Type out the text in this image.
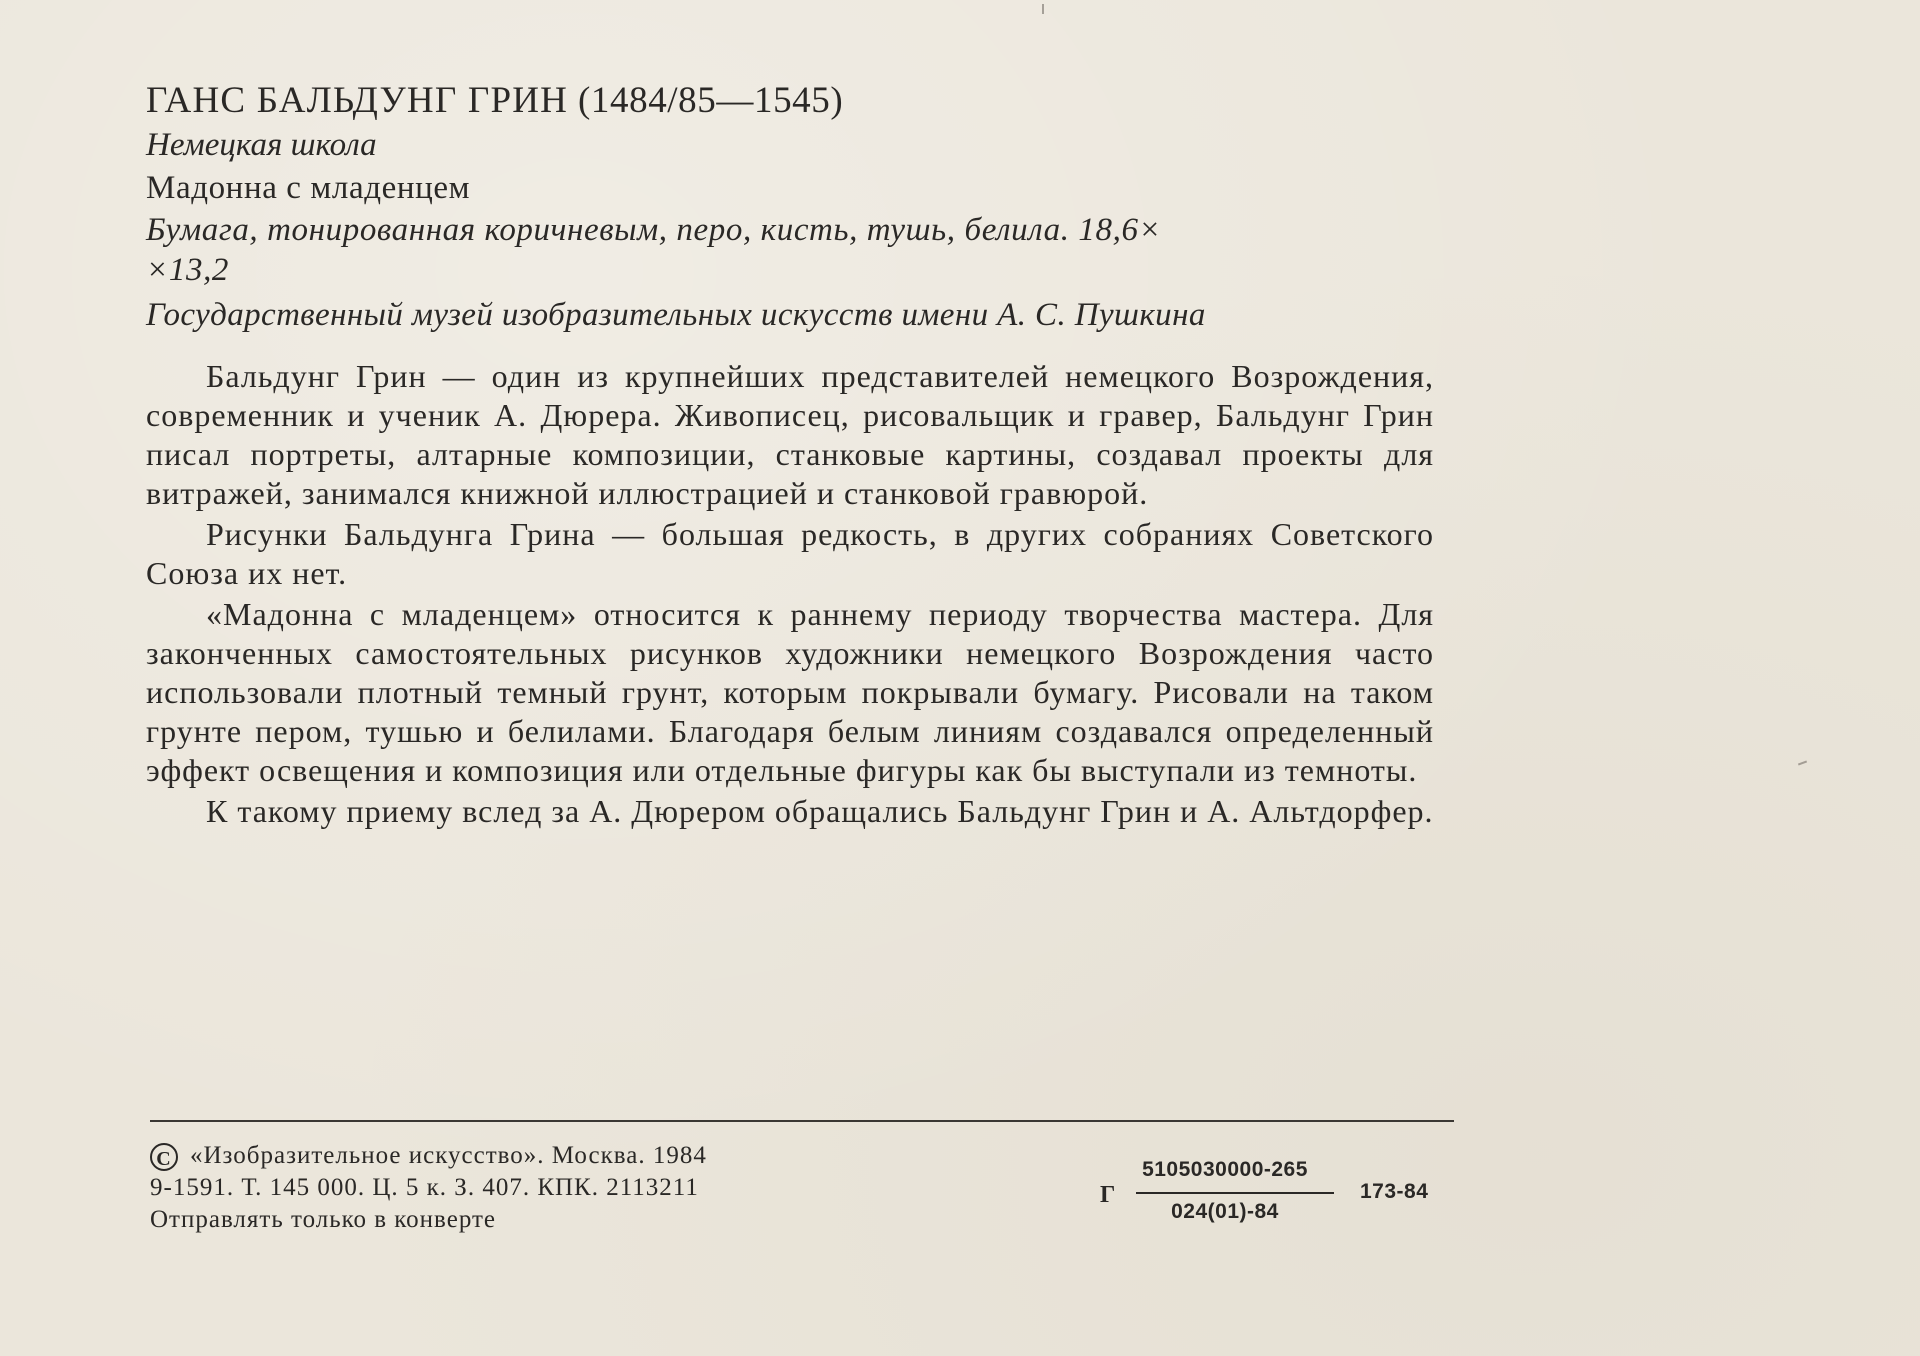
ГАНС БАЛЬДУНГ ГРИН (1484/85—1545)
Немецкая школа
Мадонна с младенцем
Бумага, тонированная коричневым, перо, кисть, тушь, белила. 18,6×
×13,2
Государственный музей изобразительных искусств имени А. С. Пушкина

Бальдунг Грин — один из крупнейших представителей немецкого Возрождения, современник и ученик А. Дюрера. Живописец, рисовальщик и гравер, Бальдунг Грин писал портреты, алтарные композиции, станковые картины, создавал проекты для витражей, занимался книжной иллюстрацией и станковой гравюрой.

Рисунки Бальдунга Грина — большая редкость, в других собраниях Советского Союза их нет.

«Мадонна с младенцем» относится к раннему периоду творчества мастера. Для законченных самостоятельных рисунков художники немецкого Возрождения часто использовали плотный темный грунт, которым покрывали бумагу. Рисовали на таком грунте пером, тушью и белилами. Благодаря белым линиям создавался определенный эффект освещения и композиция или отдельные фигуры как бы выступали из темноты.

К такому приему вслед за А. Дюрером обращались Бальдунг Грин и А. Альтдорфер.

C «Изобразительное искусство». Москва. 1984
9-1591. Т. 145 000. Ц. 5 к. З. 407. КПК. 2113211
Отправлять только в конверте
Г
5105030000-265
024(01)-84
173-84
